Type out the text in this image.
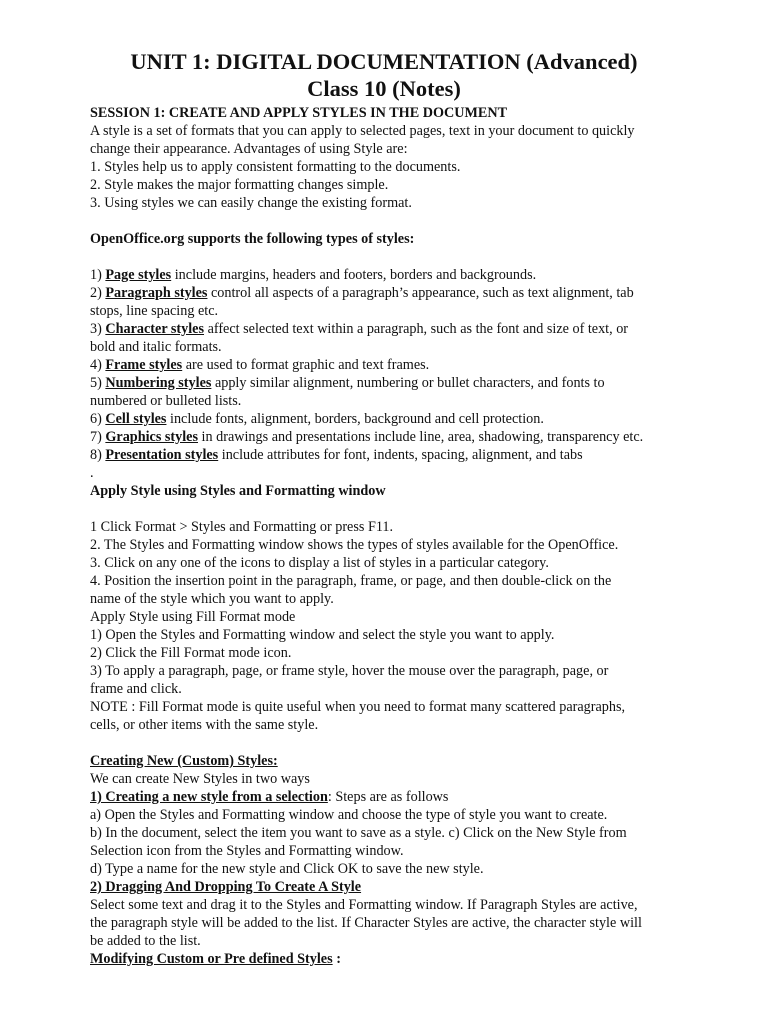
UNIT 1: DIGITAL DOCUMENTATION (Advanced)

Class 10 (Notes)

SESSION 1: CREATE AND APPLY STYLES IN THE DOCUMENT

A style is a set of formats that you can apply to selected pages, text in your document to quickly

change their appearance. Advantages of using Style are:

1. Styles help us to apply consistent formatting to the documents.

2. Style makes the major formatting changes simple.

3. Using styles we can easily change the existing format.

OpenOffice.org supports the following types of styles:

1) Page styles include margins, headers and footers, borders and backgrounds.

2) Paragraph styles control all aspects of a paragraph’s appearance, such as text alignment, tab

stops, line spacing etc.

3) Character styles affect selected text within a paragraph, such as the font and size of text, or

bold and italic formats.

4) Frame styles are used to format graphic and text frames.

5) Numbering styles apply similar alignment, numbering or bullet characters, and fonts to

numbered or bulleted lists.

6) Cell styles include fonts, alignment, borders, background and cell protection.

7) Graphics styles in drawings and presentations include line, area, shadowing, transparency etc.

8) Presentation styles include attributes for font, indents, spacing, alignment, and tabs

.

Apply Style using Styles and Formatting window

1 Click Format > Styles and Formatting or press F11.

2. The Styles and Formatting window shows the types of styles available for the OpenOffice.

3. Click on any one of the icons to display a list of styles in a particular category.

4. Position the insertion point in the paragraph, frame, or page, and then double-click on the

name of the style which you want to apply.

Apply Style using Fill Format mode

1) Open the Styles and Formatting window and select the style you want to apply.

2) Click the Fill Format mode icon.

3) To apply a paragraph, page, or frame style, hover the mouse over the paragraph, page, or

frame and click.

NOTE : Fill Format mode is quite useful when you need to format many scattered paragraphs,

cells, or other items with the same style.

Creating New (Custom) Styles:

We can create New Styles in two ways

1) Creating a new style from a selection: Steps are as follows

a) Open the Styles and Formatting window and choose the type of style you want to create.

b) In the document, select the item you want to save as a style. c) Click on the New Style from

Selection icon from the Styles and Formatting window.

d) Type a name for the new style and Click OK to save the new style.

2) Dragging And Dropping To Create A Style

Select some text and drag it to the Styles and Formatting window. If Paragraph Styles are active,

the paragraph style will be added to the list. If Character Styles are active, the character style will

be added to the list.

Modifying Custom or Pre defined Styles :
